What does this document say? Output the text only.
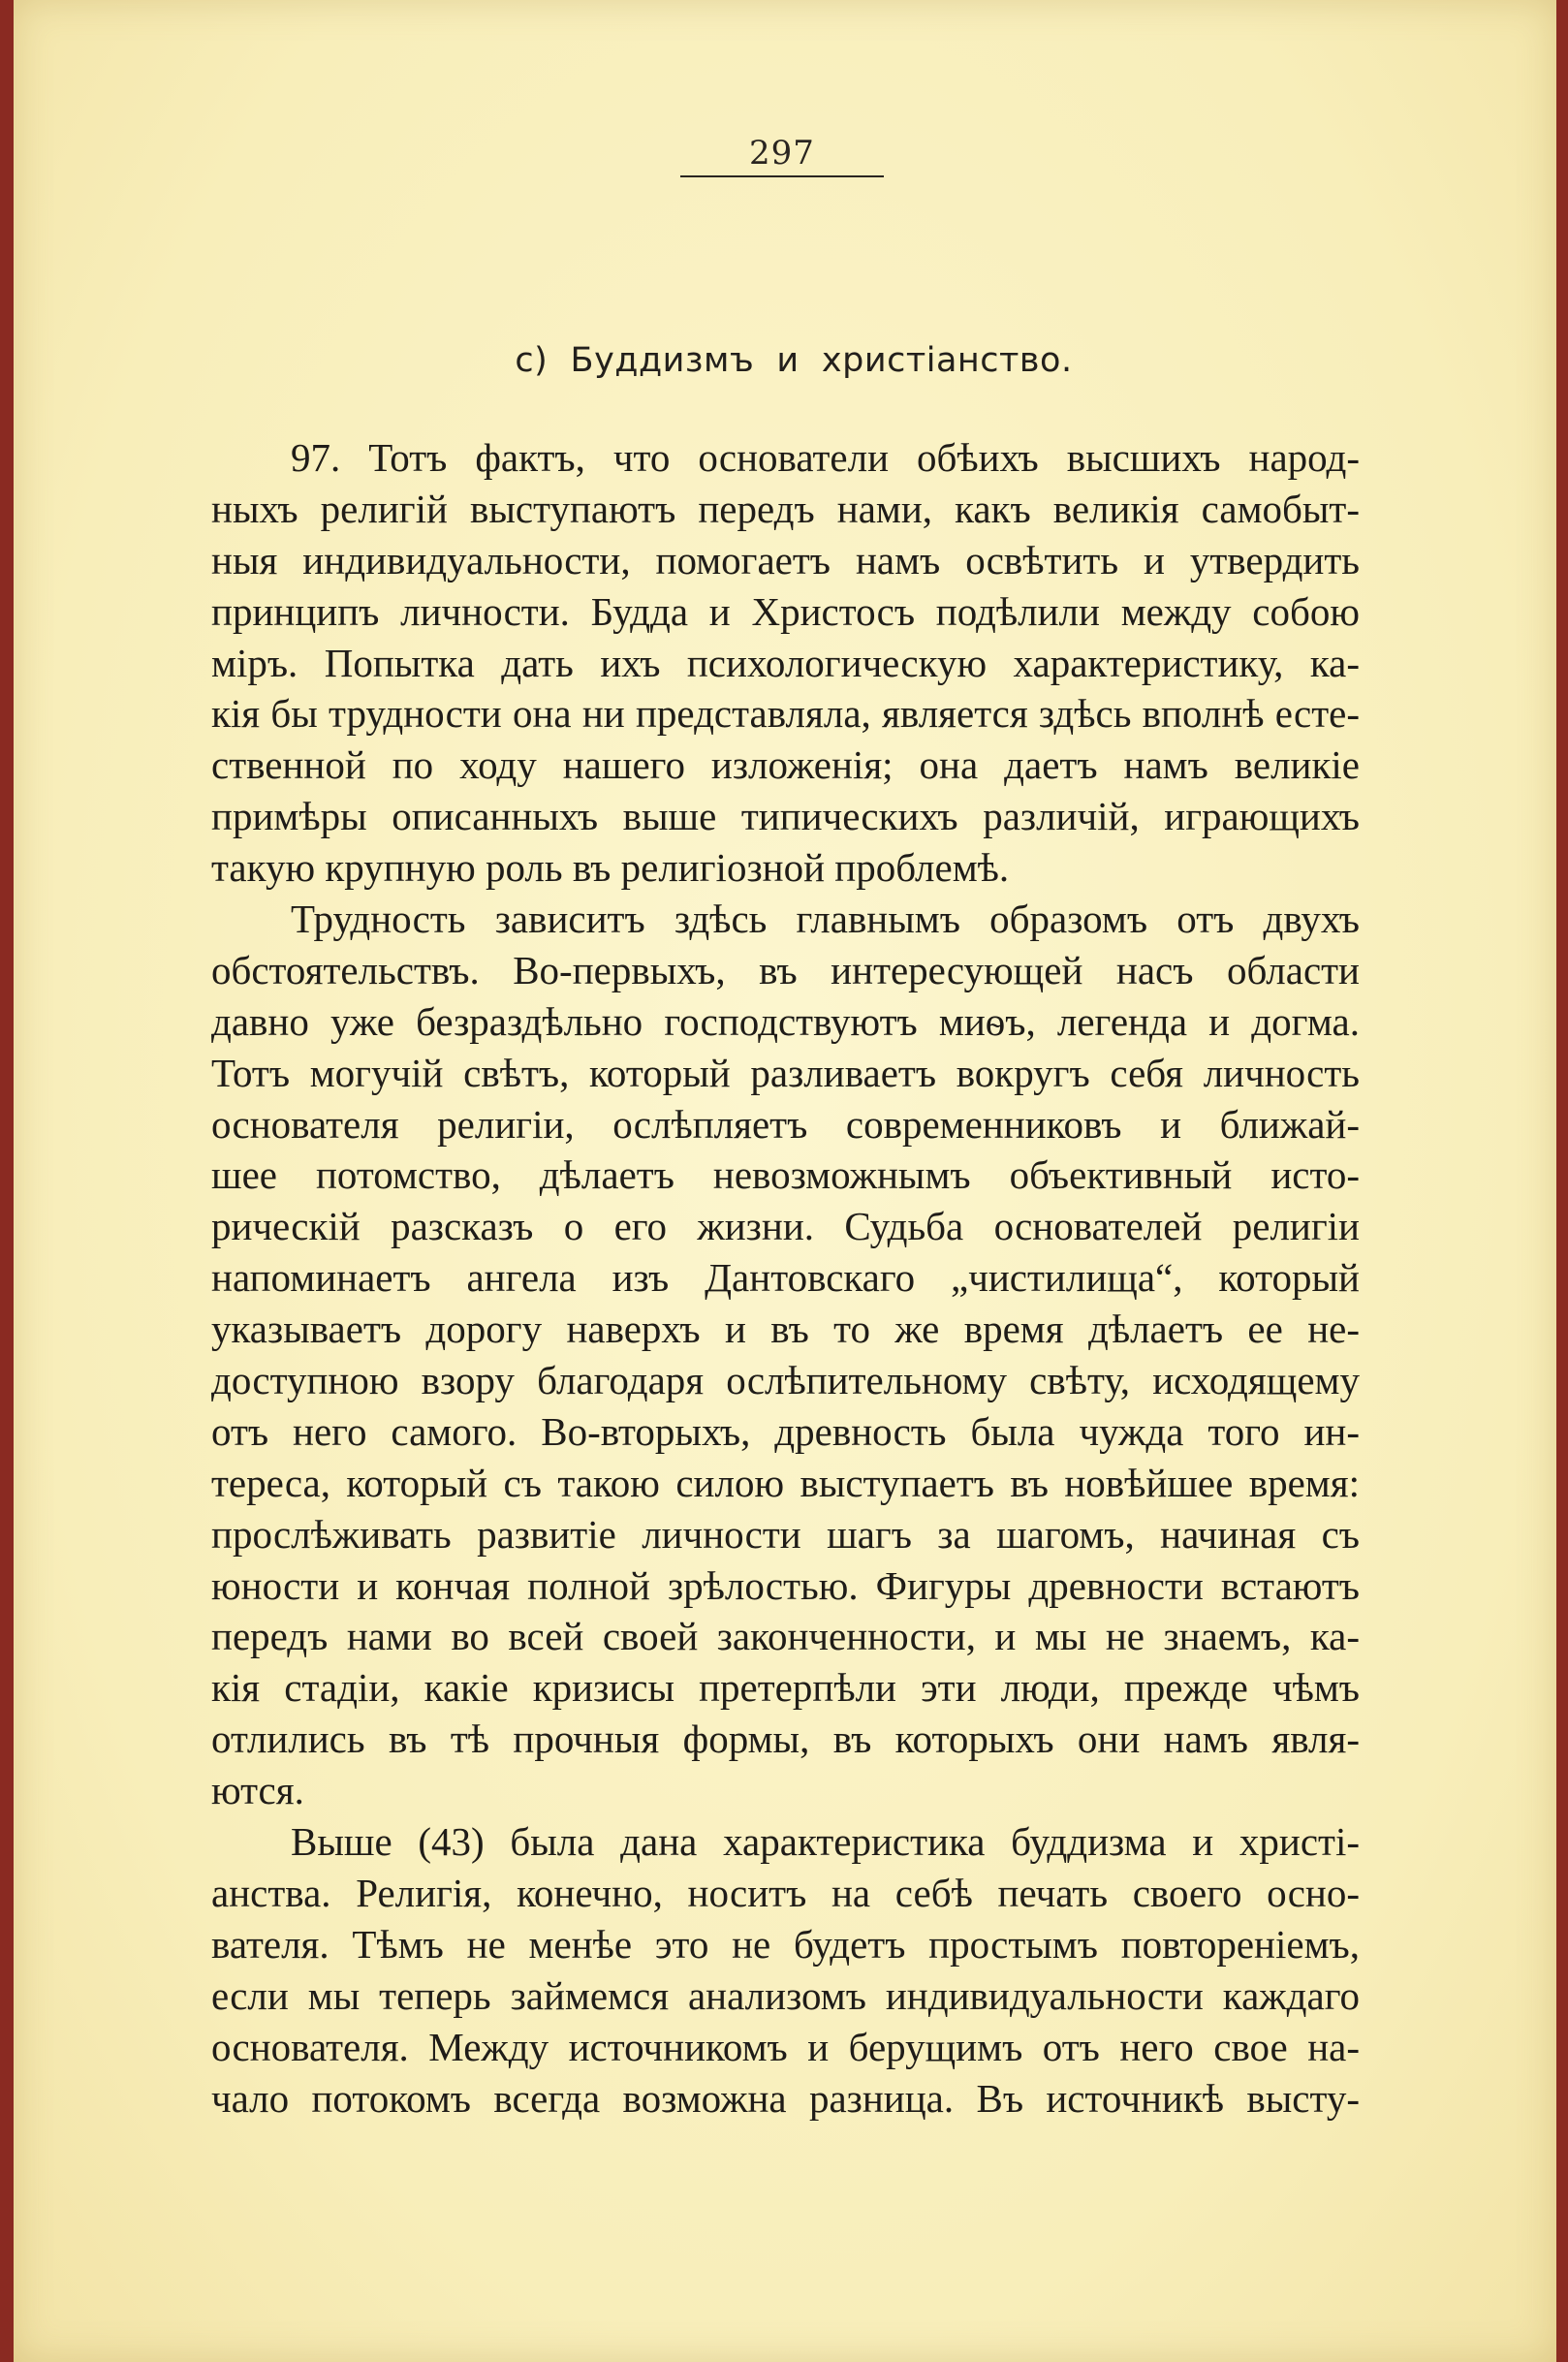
297
c)  Буддизмъ  и  христіанство.
97. Тотъ фактъ, что основатели обѣихъ высшихъ народ-
ныхъ религій выступаютъ передъ нами, какъ великія самобыт-
ныя индивидуальности, помогаетъ намъ освѣтить и утвердить
принципъ личности. Будда и Христосъ подѣлили между собою
міръ. Попытка дать ихъ психологическую характеристику, ка-
кія бы трудности она ни представляла, является здѣсь вполнѣ есте-
ственной по ходу нашего изложенія; она даетъ намъ великіе
примѣры описанныхъ выше типическихъ различій, играющихъ
такую крупную роль въ религіозной проблемѣ.
Трудность зависитъ здѣсь главнымъ образомъ отъ двухъ
обстоятельствъ. Во-первыхъ, въ интересующей насъ области
давно уже безраздѣльно господствуютъ миѳъ, легенда и догма.
Тотъ могучій свѣтъ, который разливаетъ вокругъ себя личность
основателя религіи, ослѣпляетъ современниковъ и ближай-
шее потомство, дѣлаетъ невозможнымъ объективный исто-
рическій разсказъ о его жизни. Судьба основателей религіи
напоминаетъ ангела изъ Дантовскаго „чистилища“, который
указываетъ дорогу наверхъ и въ то же время дѣлаетъ ее не-
доступною взору благодаря ослѣпительному свѣту, исходящему
отъ него самого. Во-вторыхъ, древность была чужда того ин-
тереса, который съ такою силою выступаетъ въ новѣйшее время:
прослѣживать развитіе личности шагъ за шагомъ, начиная съ
юности и кончая полной зрѣлостью. Фигуры древности встаютъ
передъ нами во всей своей законченности, и мы не знаемъ, ка-
кія стадіи, какіе кризисы претерпѣли эти люди, прежде чѣмъ
отлились въ тѣ прочныя формы, въ которыхъ они намъ явля-
ются.
Выше (43) была дана характеристика буддизма и христі-
анства. Религія, конечно, носитъ на себѣ печать своего осно-
вателя. Тѣмъ не менѣе это не будетъ простымъ повтореніемъ,
если мы теперь займемся анализомъ индивидуальности каждаго
основателя. Между источникомъ и берущимъ отъ него свое на-
чало потокомъ всегда возможна разница. Въ источникѣ высту-
